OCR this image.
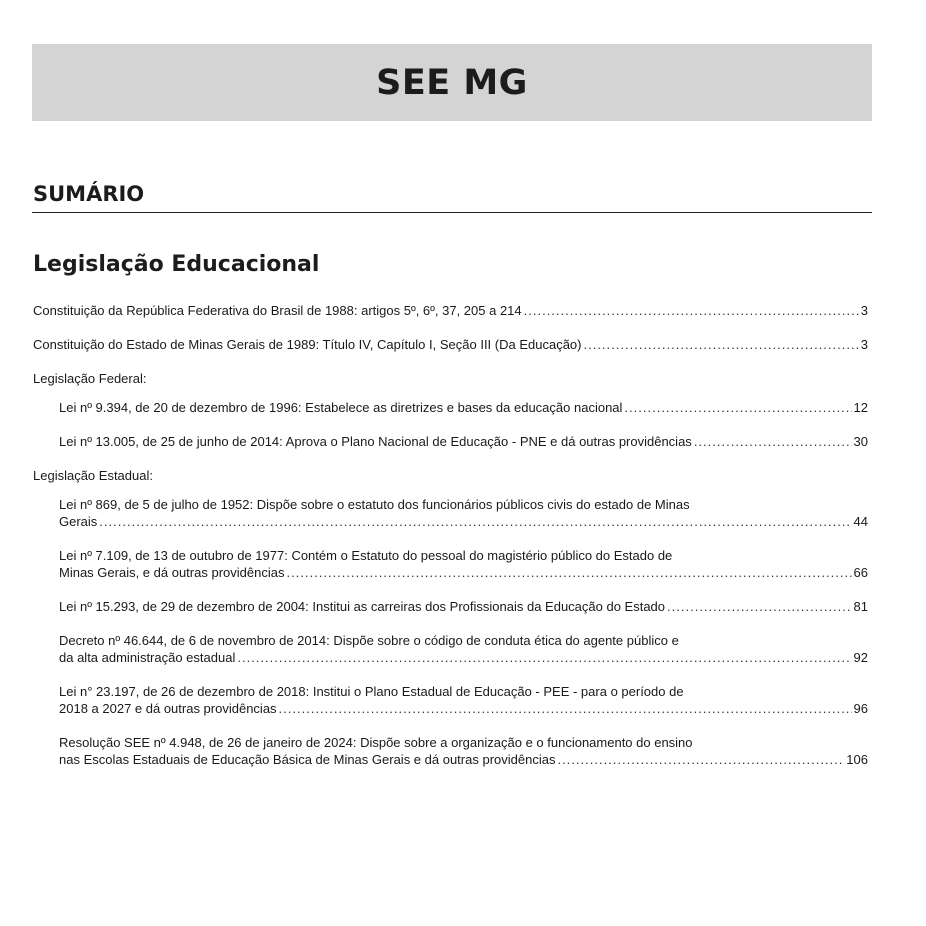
SEE MG
SUMÁRIO
Legislação Educacional
Constituição da República Federativa do Brasil de 1988: artigos 5º, 6º, 37, 205 a 214 .....	3
Constituição do Estado de Minas Gerais de 1989: Título IV, Capítulo I, Seção III (Da Educação) .....	3
Legislação Federal:
Lei nº 9.394, de 20 de dezembro de 1996: Estabelece as diretrizes e bases da educação nacional .....	12
Lei nº 13.005, de 25 de junho de 2014: Aprova o Plano Nacional de Educação - PNE e dá outras providências .....	30
Legislação Estadual:
Lei nº 869, de 5 de julho de 1952: Dispõe sobre o estatuto dos funcionários públicos civis do estado de Minas
Gerais .....	44
Lei nº 7.109, de 13 de outubro de 1977: Contém o Estatuto do pessoal do magistério público do Estado de
Minas Gerais, e dá outras providências .....	66
Lei nº 15.293, de 29 de dezembro de 2004: Institui as carreiras dos Profissionais da Educação do Estado .....	81
Decreto nº 46.644, de 6 de novembro de 2014: Dispõe sobre o código de conduta ética do agente público e
da alta administração estadual .....	92
Lei n° 23.197, de 26 de dezembro de 2018: Institui o Plano Estadual de Educação - PEE - para o período de
2018 a 2027 e dá outras providências .....	96
Resolução SEE nº 4.948, de 26 de janeiro de 2024: Dispõe sobre a organização e o funcionamento do ensino
nas Escolas Estaduais de Educação Básica de Minas Gerais e dá outras providências .....	106
